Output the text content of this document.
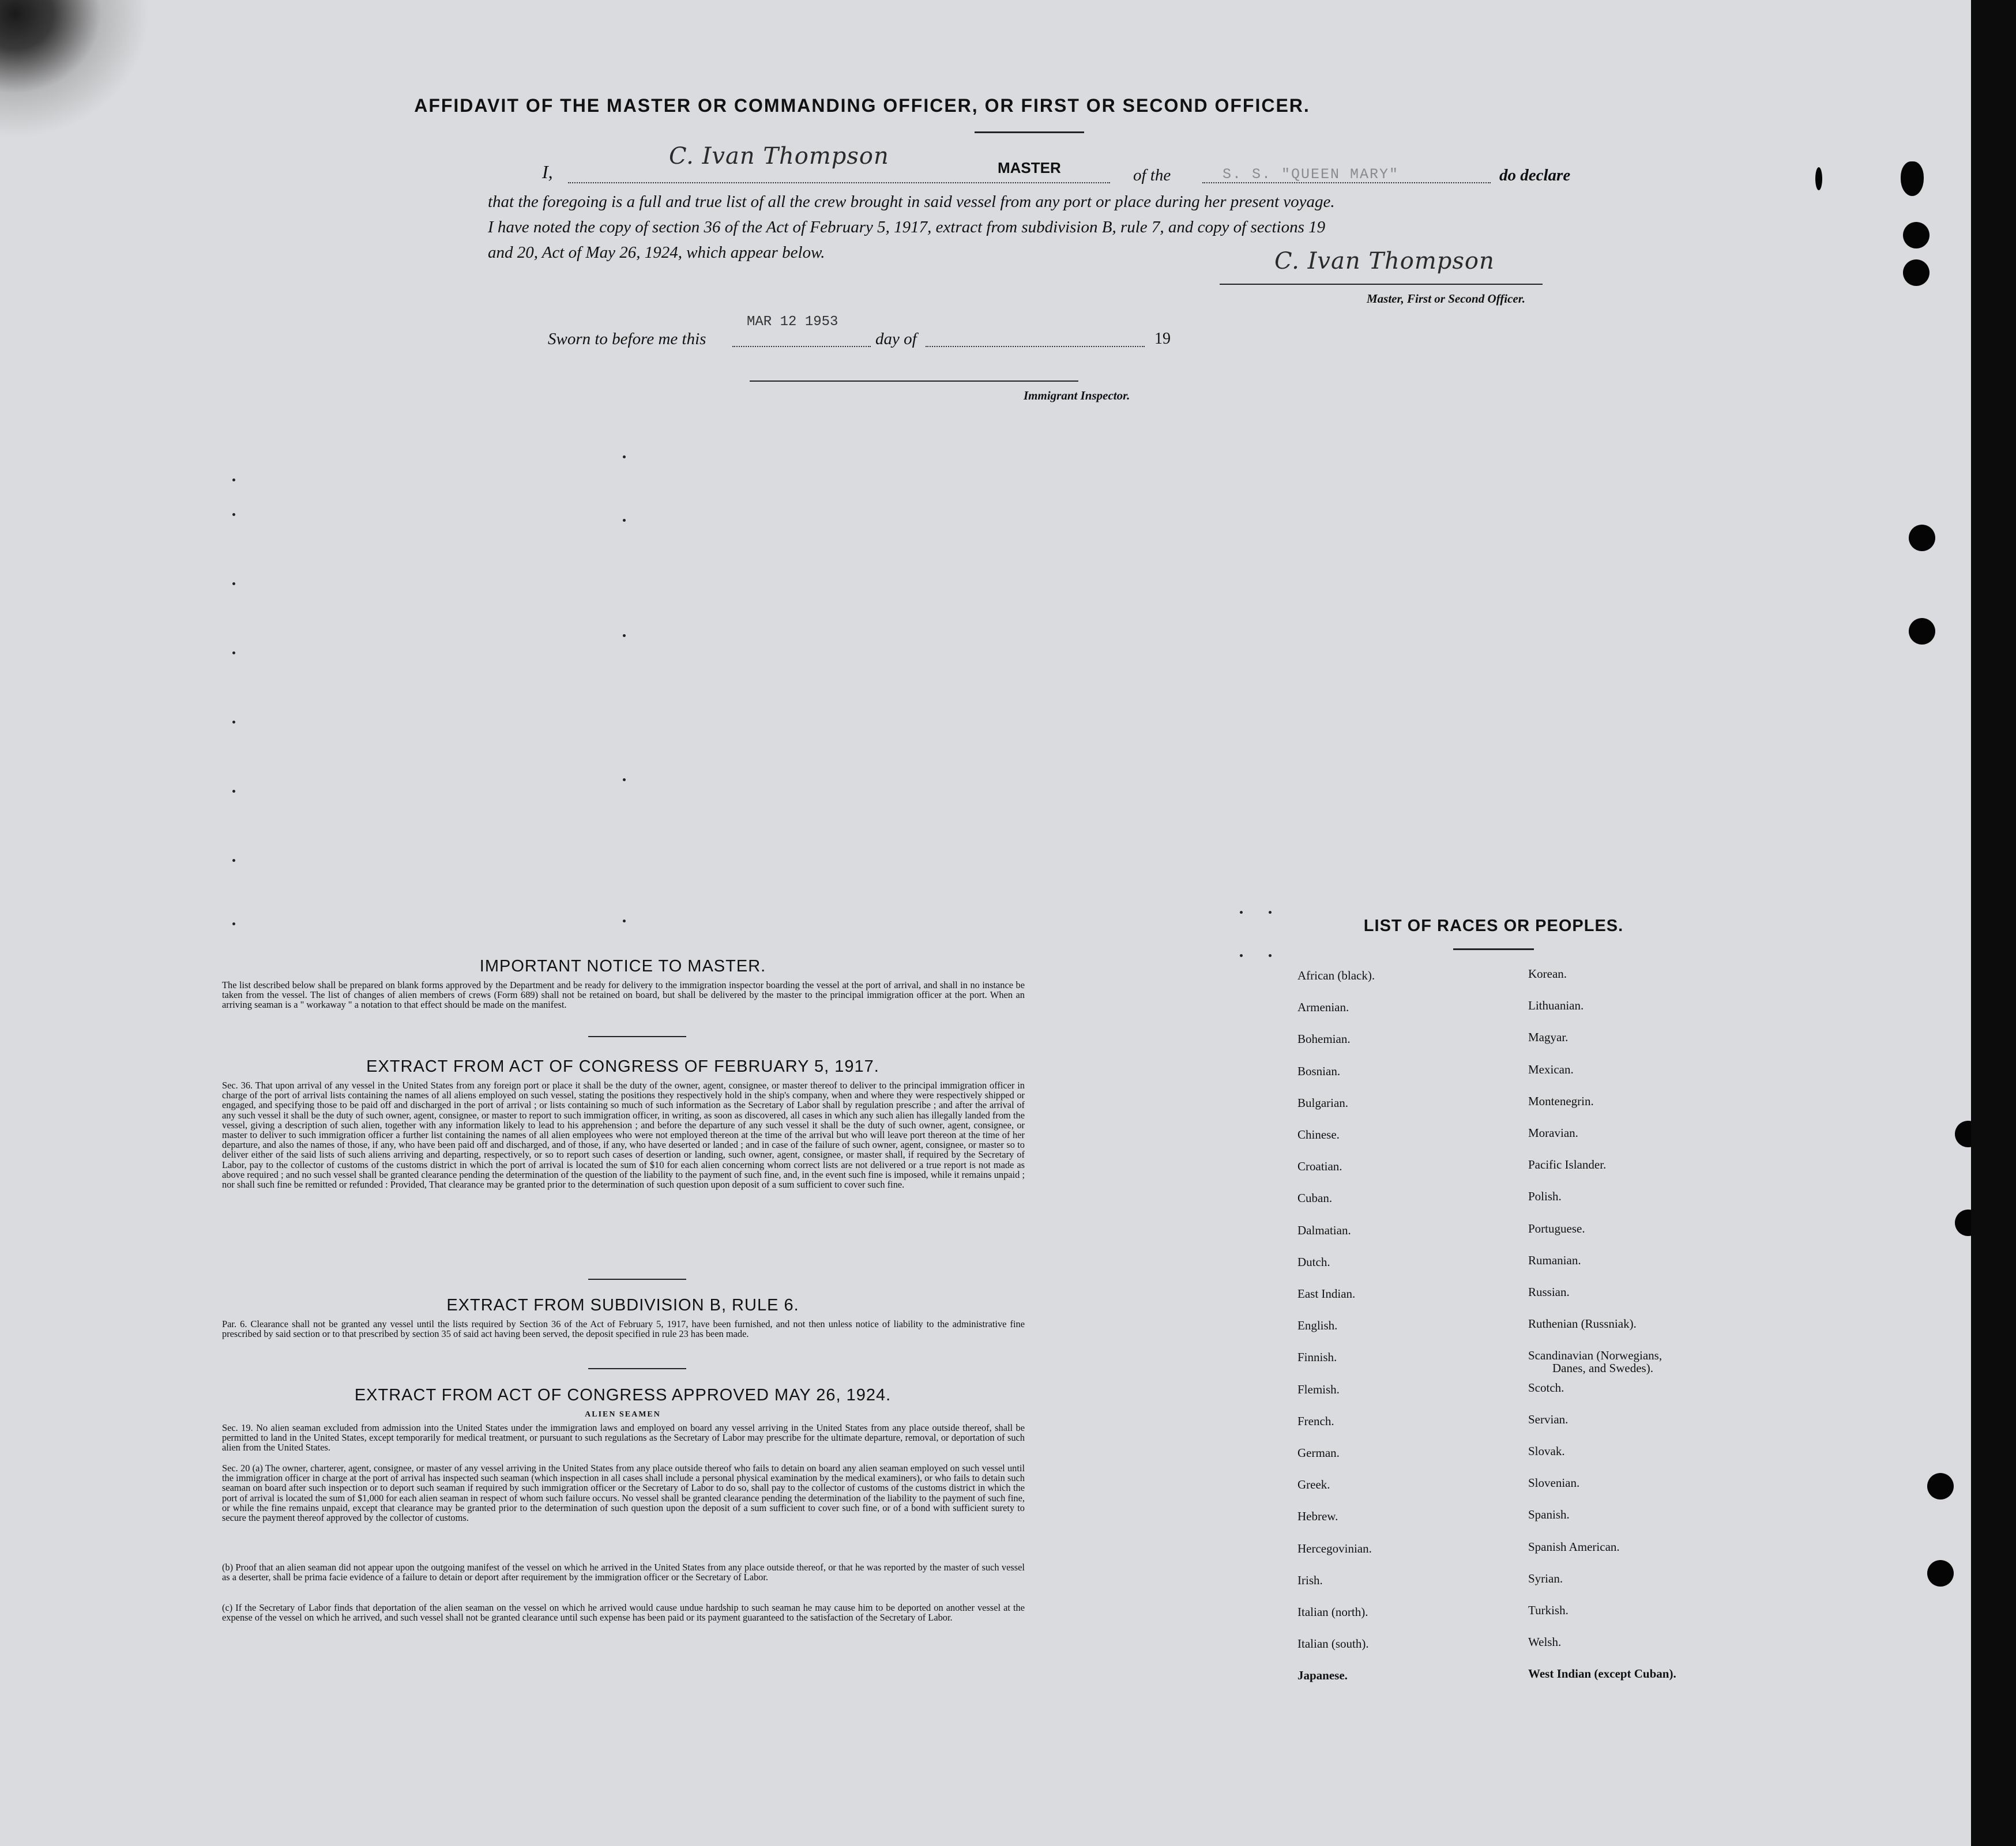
AFFIDAVIT OF THE MASTER OR COMMANDING OFFICER, OR FIRST OR SECOND OFFICER.
I,
C. Ivan Thompson	MASTER	of the	S. S. "QUEEN MARY"	do declare
that the foregoing is a full and true list of all the crew brought in said vessel from any port or place during her present voyage.
I have noted the copy of section 36 of the Act of February 5, 1917, extract from subdivision B, rule 7, and copy of sections 19
and 20, Act of May 26, 1924, which appear below.	C. Ivan Thompson
Master, First or Second Officer.
Sworn to before me this
MAR 12 1953
day of	19
Immigrant Inspector.
IMPORTANT NOTICE TO MASTER.
The list described below shall be prepared on blank forms approved by the Department and be ready for delivery to the immigration inspector boarding the vessel at the port of arrival, and shall in no instance be taken from the vessel. The list of changes of alien members of crews (Form 689) shall not be retained on board, but shall be delivered by the master to the principal immigration officer at the port. When an arriving seaman is a " workaway " a notation to that effect should be made on the manifest.
EXTRACT FROM ACT OF CONGRESS OF FEBRUARY 5, 1917.
Sec. 36. That upon arrival of any vessel in the United States from any foreign port or place it shall be the duty of the owner, agent, consignee, or master thereof to deliver to the principal immigration officer in charge of the port of arrival lists containing the names of all aliens employed on such vessel, stating the positions they respectively hold in the ship's company, when and where they were respectively shipped or engaged, and specifying those to be paid off and discharged in the port of arrival ; or lists containing so much of such information as the Secretary of Labor shall by regulation prescribe ; and after the arrival of any such vessel it shall be the duty of such owner, agent, consignee, or master to report to such immigration officer, in writing, as soon as discovered, all cases in which any such alien has illegally landed from the vessel, giving a description of such alien, together with any information likely to lead to his apprehension ; and before the departure of any such vessel it shall be the duty of such owner, agent, consignee, or master to deliver to such immigration officer a further list containing the names of all alien employees who were not employed thereon at the time of the arrival but who will leave port thereon at the time of her departure, and also the names of those, if any, who have been paid off and discharged, and of those, if any, who have deserted or landed ; and in case of the failure of such owner, agent, consignee, or master so to deliver either of the said lists of such aliens arriving and departing, respectively, or so to report such cases of desertion or landing, such owner, agent, consignee, or master shall, if required by the Secretary of Labor, pay to the collector of customs of the customs district in which the port of arrival is located the sum of $10 for each alien concerning whom correct lists are not delivered or a true report is not made as above required ; and no such vessel shall be granted clearance pending the determination of the question of the liability to the payment of such fine, and, in the event such fine is imposed, while it remains unpaid ; nor shall such fine be remitted or refunded : Provided, That clearance may be granted prior to the determination of such question upon deposit of a sum sufficient to cover such fine.
EXTRACT FROM SUBDIVISION B, RULE 6.
Par. 6. Clearance shall not be granted any vessel until the lists required by Section 36 of the Act of February 5, 1917, have been furnished, and not then unless notice of liability to the administrative fine prescribed by said section or to that prescribed by section 35 of said act having been served, the deposit specified in rule 23 has been made.
EXTRACT FROM ACT OF CONGRESS APPROVED MAY 26, 1924.
ALIEN SEAMEN
Sec. 19. No alien seaman excluded from admission into the United States under the immigration laws and employed on board any vessel arriving in the United States from any place outside thereof, shall be permitted to land in the United States, except temporarily for medical treatment, or pursuant to such regulations as the Secretary of Labor may prescribe for the ultimate departure, removal, or deportation of such alien from the United States.
Sec. 20 (a) The owner, charterer, agent, consignee, or master of any vessel arriving in the United States from any place outside thereof who fails to detain on board any alien seaman employed on such vessel until the immigration officer in charge at the port of arrival has inspected such seaman (which inspection in all cases shall include a personal physical examination by the medical examiners), or who fails to detain such seaman on board after such inspection or to deport such seaman if required by such immigration officer or the Secretary of Labor to do so, shall pay to the collector of customs of the customs district in which the port of arrival is located the sum of $1,000 for each alien seaman in respect of whom such failure occurs. No vessel shall be granted clearance pending the determination of the liability to the payment of such fine, or while the fine remains unpaid, except that clearance may be granted prior to the determination of such question upon the deposit of a sum sufficient to cover such fine, or of a bond with sufficient surety to secure the payment thereof approved by the collector of customs.
(b) Proof that an alien seaman did not appear upon the outgoing manifest of the vessel on which he arrived in the United States from any place outside thereof, or that he was reported by the master of such vessel as a deserter, shall be prima facie evidence of a failure to detain or deport after requirement by the immigration officer or the Secretary of Labor.
(c) If the Secretary of Labor finds that deportation of the alien seaman on the vessel on which he arrived would cause undue hardship to such seaman he may cause him to be deported on another vessel at the expense of the vessel on which he arrived, and such vessel shall not be granted clearance until such expense has been paid or its payment guaranteed to the satisfaction of the Secretary of Labor.
LIST OF RACES OR PEOPLES.
African (black).
Armenian.
Bohemian.
Bosnian.
Bulgarian.
Chinese.
Croatian.
Cuban.
Dalmatian.
Dutch.
East Indian.
English.
Finnish.
Flemish.
French.
German.
Greek.
Hebrew.
Hercegovinian.
Irish.
Italian (north).
Italian (south).
Japanese.
Korean.
Lithuanian.
Magyar.
Mexican.
Montenegrin.
Moravian.
Pacific Islander.
Polish.
Portuguese.
Rumanian.
Russian.
Ruthenian (Russniak).
Scandinavian (Norwegians,
Scotch.
Servian.
Slovak.
Slovenian.
Spanish.
Spanish American.
Syrian.
Turkish.
Welsh.
West Indian (except Cuban).
Danes, and Swedes).
